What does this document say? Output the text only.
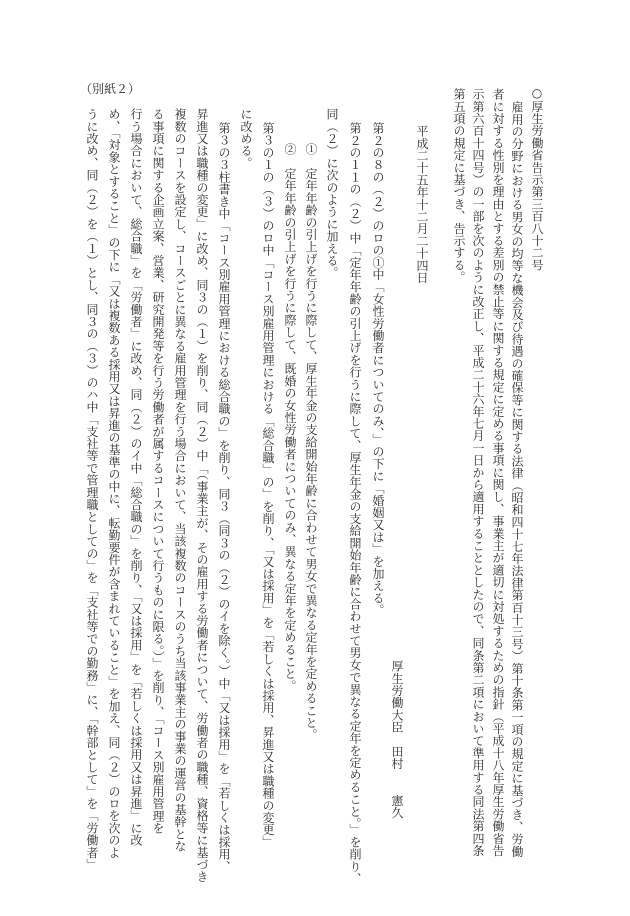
○厚生労働省告示第三百八十二号
雇用の分野における男女の均等な機会及び待遇の確保等に関する法律（昭和四十七年法律第百十三号）第十条第一項の規定に基づき、労働
者に対する性別を理由とする差別の禁止等に関する規定に定める事項に関し、事業主が適切に対処するための指針（平成十八年厚生労働省告
示第六百十四号）の一部を次のように改正し、平成二十六年七月一日から適用することとしたので、同条第二項において準用する同法第四条
第五項の規定に基づき、告示する。
平成二十五年十二月二十四日
厚生労働大臣　田村　　憲久
第２の８の（２）のロの①中「女性労働者についてのみ、」の下に「婚姻又は」を加える。
第２の１１の（２）中「定年年齢の引上げを行うに際して、厚生年金の支給開始年齢に合わせて男女で異なる定年を定めること。」を削り、
同（２）に次のように加える。
①　定年年齢の引上げを行うに際して、厚生年金の支給開始年齢に合わせて男女で異なる定年を定めること。
②　定年年齢の引上げを行うに際して、既婚の女性労働者についてのみ、異なる定年を定めること。
第３の１の（３）のロ中「コース別雇用管理における「総合職」の」を削り、「又は採用」を「若しくは採用、昇進又は職種の変更」
に改める。
第３の３柱書き中「コース別雇用管理における総合職の」を削り、同３（同３の（２）のイを除く。）中「又は採用」を「若しくは採用、
昇進又は職種の変更」に改め、同３の（１）を削り、同（２）中「（事業主が、その雇用する労働者について、労働者の職種、資格等に基づき
複数のコースを設定し、コースごとに異なる雇用管理を行う場合において、当該複数のコースのうち当該事業主の事業の運営の基幹とな
る事項に関する企画立案、営業、研究開発等を行う労働者が属するコースについて行うものに限る。）」を削り、「コース別雇用管理を
行う場合において、総合職」を「労働者」に改め、同（２）のイ中「総合職の」を削り、「又は採用」を「若しくは採用又は昇進」に改
め、「対象とすること」の下に「又は複数ある採用又は昇進の基準の中に、転勤要件が含まれていること」を加え、同（２）のロを次のよ
うに改め、同（２）を（１）とし、同３の（３）のハ中「支社等で管理職としての」を「支社等での勤務」に、「幹部として」を「労働者」
（別紙２）
